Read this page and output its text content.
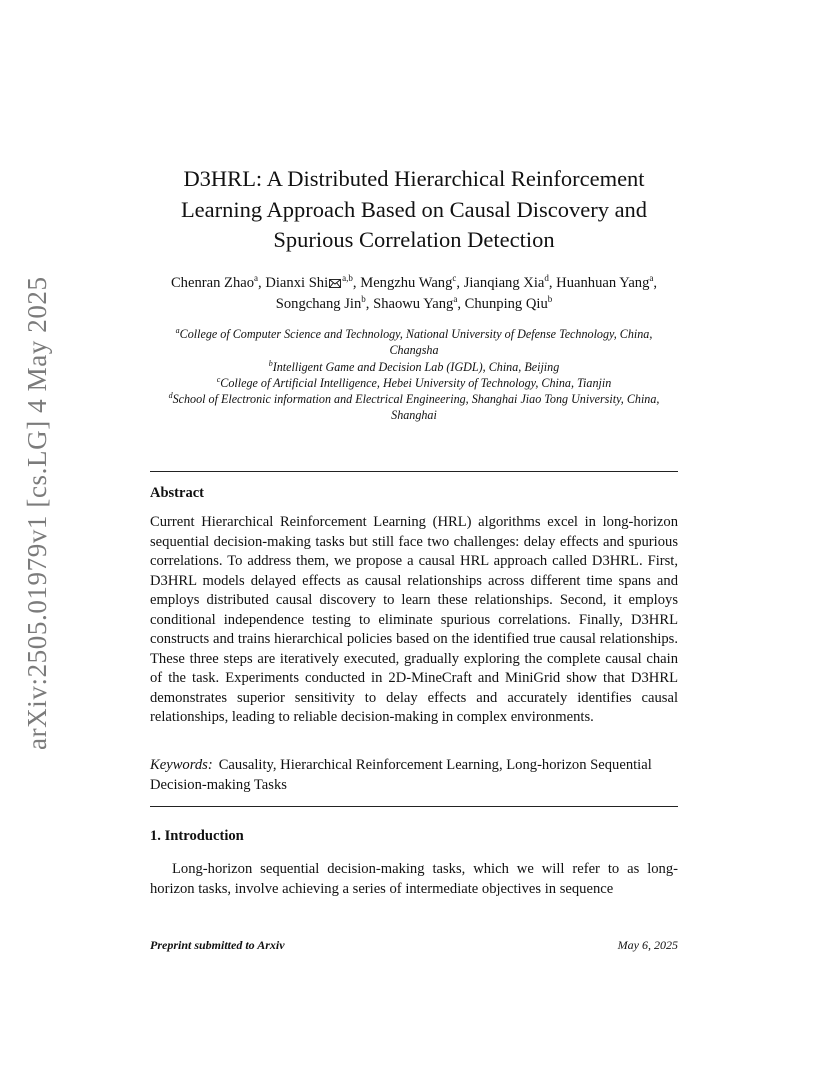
arXiv:2505.01979v1 [cs.LG] 4 May 2025
D3HRL: A Distributed Hierarchical Reinforcement
Learning Approach Based on Causal Discovery and
Spurious Correlation Detection
Chenran Zhao$^a$, Dianxi Shi $^{a,b}$, Mengzhu Wang$^c$, Jianqiang Xia$^d$, Huanhuan Yang$^a$, Songchang Jin$^b$, Shaowu Yang$^a$, Chunping Qiu$^b$
$^a$College of Computer Science and Technology, National University of Defense Technology, China, Changsha
$^b$Intelligent Game and Decision Lab (IGDL), China, Beijing
$^c$College of Artificial Intelligence, Hebei University of Technology, China, Tianjin
$^d$School of Electronic information and Electrical Engineering, Shanghai Jiao Tong University, China, Shanghai
Abstract
Current Hierarchical Reinforcement Learning (HRL) algorithms excel in long-horizon sequential decision-making tasks but still face two challenges: delay effects and spurious correlations. To address them, we propose a causal HRL approach called D3HRL. First, D3HRL models delayed effects as causal relationships across different time spans and employs distributed causal discovery to learn these relationships. Second, it employs conditional independence testing to eliminate spurious correlations. Finally, D3HRL constructs and trains hierarchical policies based on the identified true causal relationships. These three steps are iteratively executed, gradually exploring the complete causal chain of the task. Experiments conducted in 2D-MineCraft and MiniGrid show that D3HRL demonstrates superior sensitivity to delay effects and accurately identifies causal relationships, leading to reliable decision-making in complex environments.
Keywords: Causality, Hierarchical Reinforcement Learning, Long-horizon Sequential Decision-making Tasks
1. Introduction
Long-horizon sequential decision-making tasks, which we will refer to as long-horizon tasks, involve achieving a series of intermediate objectives in sequence
Preprint submitted to Arxiv	May 6, 2025
